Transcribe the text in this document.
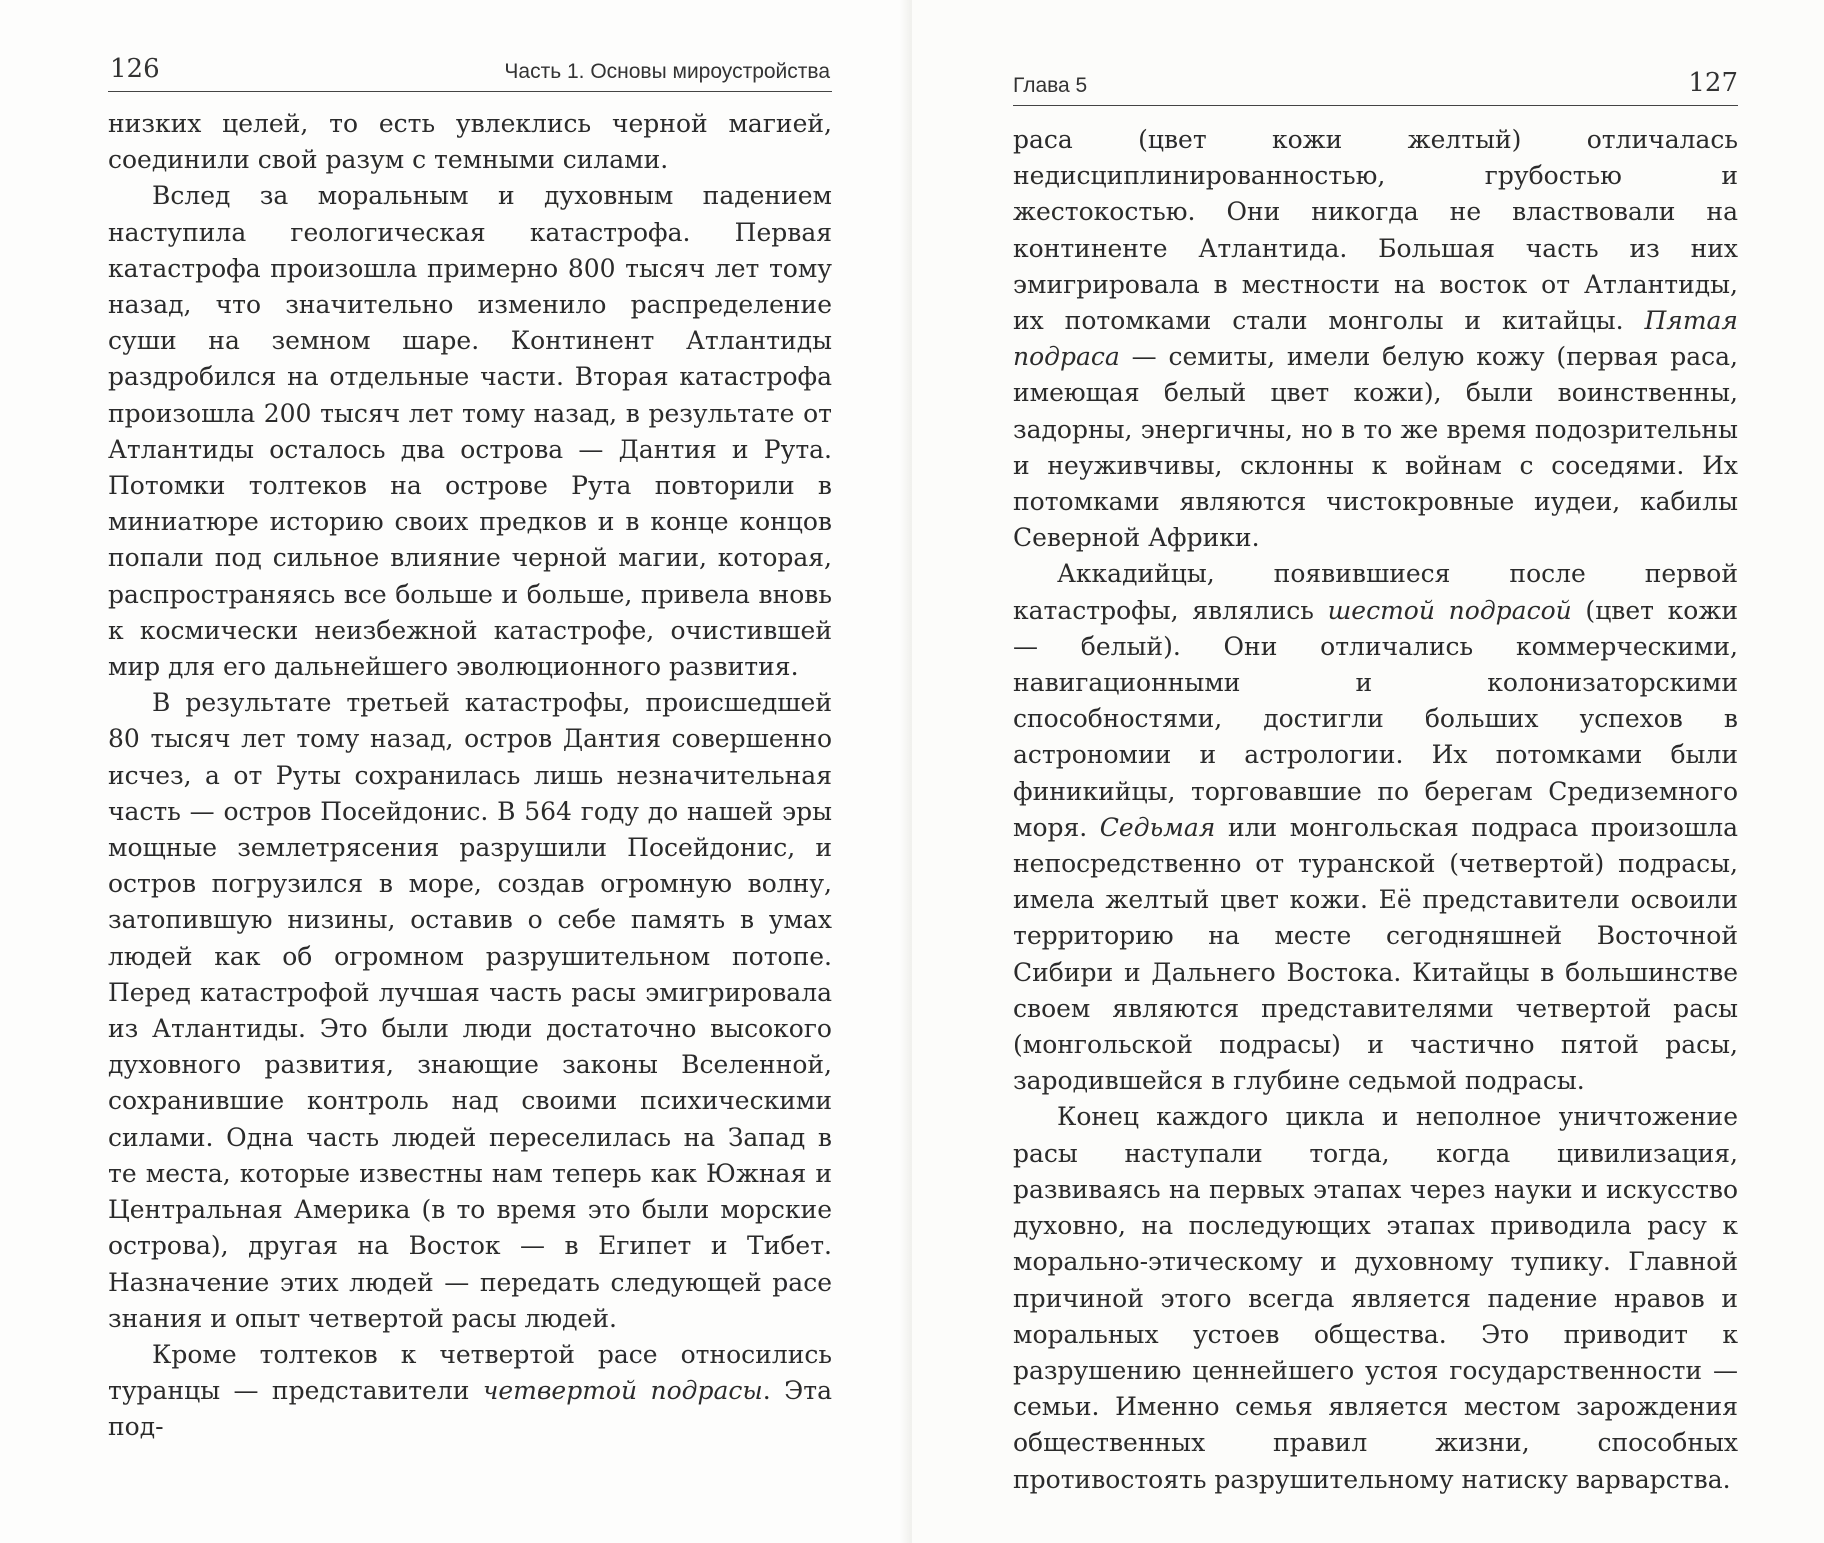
126	Часть 1. Основы мироустройства

низких целей, то есть увлеклись черной магией, соединили свой разум с темными силами.

Вслед за моральным и духовным падением наступила геологическая катастрофа. Первая катастрофа произошла примерно 800 тысяч лет тому назад, что значительно изменило распределение суши на земном шаре. Континент Атлантиды раздробился на отдельные части. Вторая катастрофа произошла 200 тысяч лет тому назад, в результате от Атлантиды осталось два острова — Дантия и Рута. Потомки толтеков на острове Рута повторили в миниатюре историю своих предков и в конце концов попали под сильное влияние черной магии, которая, распространяясь все больше и больше, привела вновь к космически неизбежной катастрофе, очистившей мир для его дальнейшего эволюционного развития.

В результате третьей катастрофы, происшедшей 80 тысяч лет тому назад, остров Дантия совершенно исчез, а от Руты сохранилась лишь незначительная часть — остров Посейдонис. В 564 году до нашей эры мощные землетрясения разрушили Посейдонис, и остров погрузился в море, создав огромную волну, затопившую низины, оставив о себе память в умах людей как об огромном разрушительном потопе. Перед катастрофой лучшая часть расы эмигрировала из Атлантиды. Это были люди достаточно высокого духовного развития, знающие законы Вселенной, сохранившие контроль над своими психическими силами. Одна часть людей переселилась на Запад в те места, которые известны нам теперь как Южная и Центральная Америка (в то время это были морские острова), другая на Восток — в Египет и Тибет. Назначение этих людей — передать следующей расе знания и опыт четвертой расы людей.

Кроме толтеков к четвертой расе относились туранцы — представители четвертой подрасы. Эта под-

Глава 5	127

раса (цвет кожи желтый) отличалась недисциплинированностью, грубостью и жестокостью. Они никогда не властвовали на континенте Атлантида. Большая часть из них эмигрировала в местности на восток от Атлантиды, их потомками стали монголы и китайцы. Пятая подраса — семиты, имели белую кожу (первая раса, имеющая белый цвет кожи), были воинственны, задорны, энергичны, но в то же время подозрительны и неуживчивы, склонны к войнам с соседями. Их потомками являются чистокровные иудеи, кабилы Северной Африки.

Аккадийцы, появившиеся после первой катастрофы, являлись шестой подрасой (цвет кожи — белый). Они отличались коммерческими, навигационными и колонизаторскими способностями, достигли больших успехов в астрономии и астрологии. Их потомками были финикийцы, торговавшие по берегам Средиземного моря. Седьмая или монгольская подраса произошла непосредственно от туранской (четвертой) подрасы, имела желтый цвет кожи. Её представители освоили территорию на месте сегодняшней Восточной Сибири и Дальнего Востока. Китайцы в большинстве своем являются представителями четвертой расы (монгольской подрасы) и частично пятой расы, зародившейся в глубине седьмой подрасы.

Конец каждого цикла и неполное уничтожение расы наступали тогда, когда цивилизация, развиваясь на первых этапах через науки и искусство духовно, на последующих этапах приводила расу к морально-этическому и духовному тупику. Главной причиной этого всегда является падение нравов и моральных устоев общества. Это приводит к разрушению ценнейшего устоя государственности — семьи. Именно семья является местом зарождения общественных правил жизни, способных противостоять разрушительному натиску варварства.
